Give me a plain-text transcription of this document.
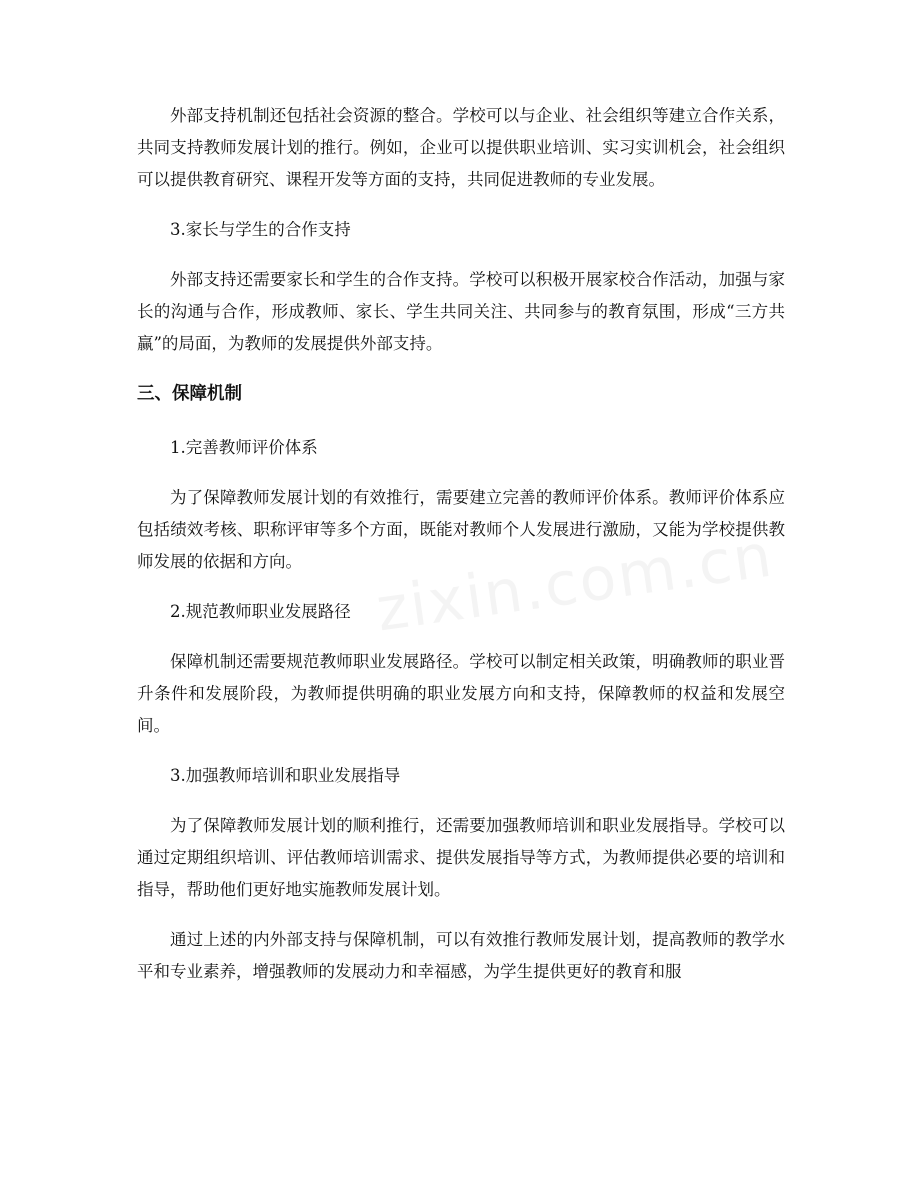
外部支持机制还包括社会资源的整合。学校可以与企业、社会组织等建立合作关系，共同支持教师发展计划的推行。例如，企业可以提供职业培训、实习实训机会，社会组织可以提供教育研究、课程开发等方面的支持，共同促进教师的专业发展。

3.家长与学生的合作支持

外部支持还需要家长和学生的合作支持。学校可以积极开展家校合作活动，加强与家长的沟通与合作，形成教师、家长、学生共同关注、共同参与的教育氛围，形成“三方共赢”的局面，为教师的发展提供外部支持。

三、保障机制

1.完善教师评价体系

为了保障教师发展计划的有效推行，需要建立完善的教师评价体系。教师评价体系应包括绩效考核、职称评审等多个方面，既能对教师个人发展进行激励，又能为学校提供教师发展的依据和方向。

2.规范教师职业发展路径

保障机制还需要规范教师职业发展路径。学校可以制定相关政策，明确教师的职业晋升条件和发展阶段，为教师提供明确的职业发展方向和支持，保障教师的权益和发展空间。

3.加强教师培训和职业发展指导

为了保障教师发展计划的顺利推行，还需要加强教师培训和职业发展指导。学校可以通过定期组织培训、评估教师培训需求、提供发展指导等方式，为教师提供必要的培训和指导，帮助他们更好地实施教师发展计划。

通过上述的内外部支持与保障机制，可以有效推行教师发展计划，提高教师的教学水平和专业素养，增强教师的发展动力和幸福感，为学生提供更好的教育和服
